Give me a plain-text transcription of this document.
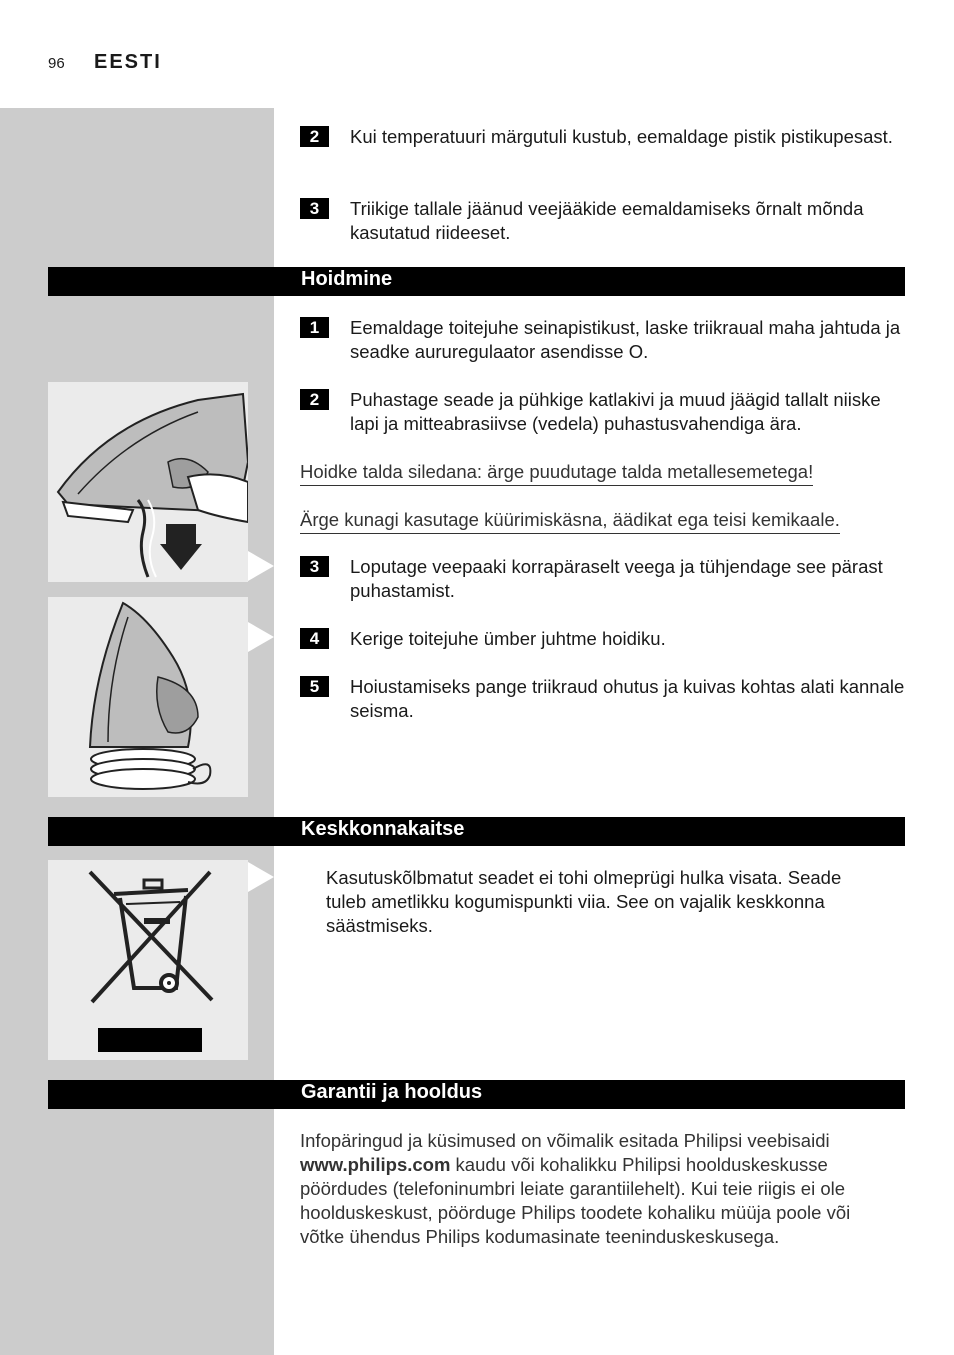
96 EESTI
2	Kui temperatuuri märgutuli kustub, eemaldage pistik pistikupesast.
3	Triikige tallale jäänud veejääkide eemaldamiseks õrnalt mõnda kasutatud riideeset.
Hoidmine
1	Eemaldage toitejuhe seinapistikust, laske triikraual maha jahtuda ja seadke aururegulaator asendisse O.
2	Puhastage seade ja pühkige katlakivi ja muud jäägid tallalt niiske lapi ja mitteabrasiivse (vedela) puhastusvahendiga ära.
Hoidke talda siledana: ärge puudutage talda metallesemetega!
Ärge kunagi kasutage küürimiskäsna, äädikat ega teisi kemikaale.
3	Loputage veepaaki korrapäraselt veega ja tühjendage see pärast puhastamist.
4	Kerige toitejuhe ümber juhtme hoidiku.
5	Hoiustamiseks pange triikraud ohutus ja kuivas kohtas alati kannale seisma.
Keskkonnakaitse
Kasutuskõlbmatut seadet ei tohi olmeprügi hulka visata. Seade tuleb ametlikku kogumispunkti viia. See on vajalik keskkonna säästmiseks.
Garantii ja hooldus
Infopäringud ja küsimused on võimalik esitada Philipsi veebisaidi www.philips.com kaudu või kohalikku Philipsi hoolduskeskusse pöördudes (telefoninumbri leiate garantiilehelt). Kui teie riigis ei ole hoolduskeskust, pöörduge Philips toodete kohaliku müüja poole või võtke ühendus Philips kodumasinate teeninduskeskusega.
